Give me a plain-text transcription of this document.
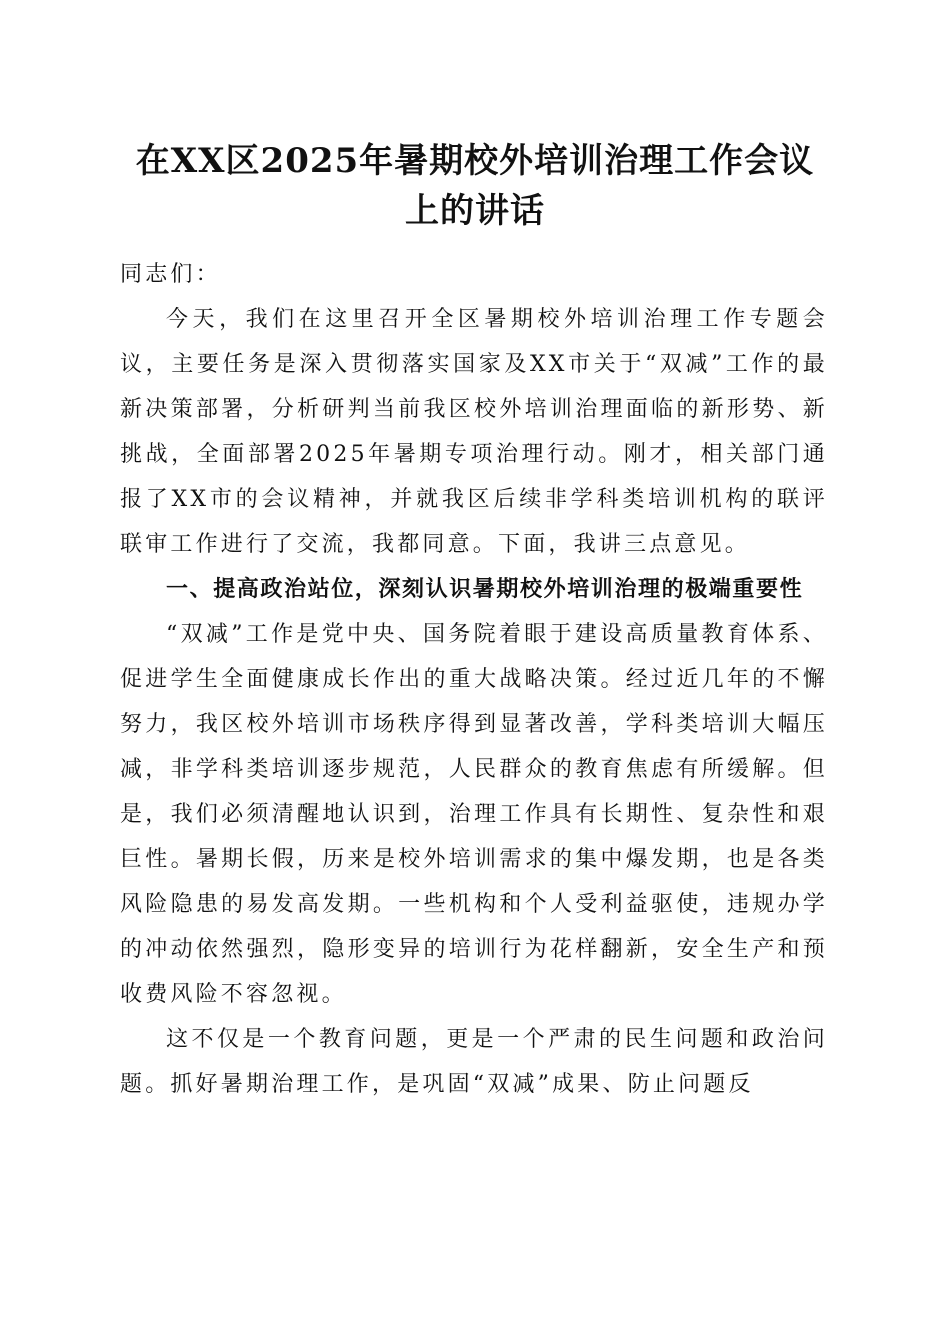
在XX区2025年暑期校外培训治理工作会议
上的讲话

同志们：

今天，我们在这里召开全区暑期校外培训治理工作专题会议，主要任务是深入贯彻落实国家及XX市关于“双减”工作的最新决策部署，分析研判当前我区校外培训治理面临的新形势、新挑战，全面部署2025年暑期专项治理行动。刚才，相关部门通报了XX市的会议精神，并就我区后续非学科类培训机构的联评联审工作进行了交流，我都同意。下面，我讲三点意见。

一、提高政治站位，深刻认识暑期校外培训治理的极端重要性

“双减”工作是党中央、国务院着眼于建设高质量教育体系、促进学生全面健康成长作出的重大战略决策。经过近几年的不懈努力，我区校外培训市场秩序得到显著改善，学科类培训大幅压减，非学科类培训逐步规范，人民群众的教育焦虑有所缓解。但是，我们必须清醒地认识到，治理工作具有长期性、复杂性和艰巨性。暑期长假，历来是校外培训需求的集中爆发期，也是各类风险隐患的易发高发期。一些机构和个人受利益驱使，违规办学的冲动依然强烈，隐形变异的培训行为花样翻新，安全生产和预收费风险不容忽视。

这不仅是一个教育问题，更是一个严肃的民生问题和政治问题。抓好暑期治理工作，是巩固“双减”成果、防止问题反
